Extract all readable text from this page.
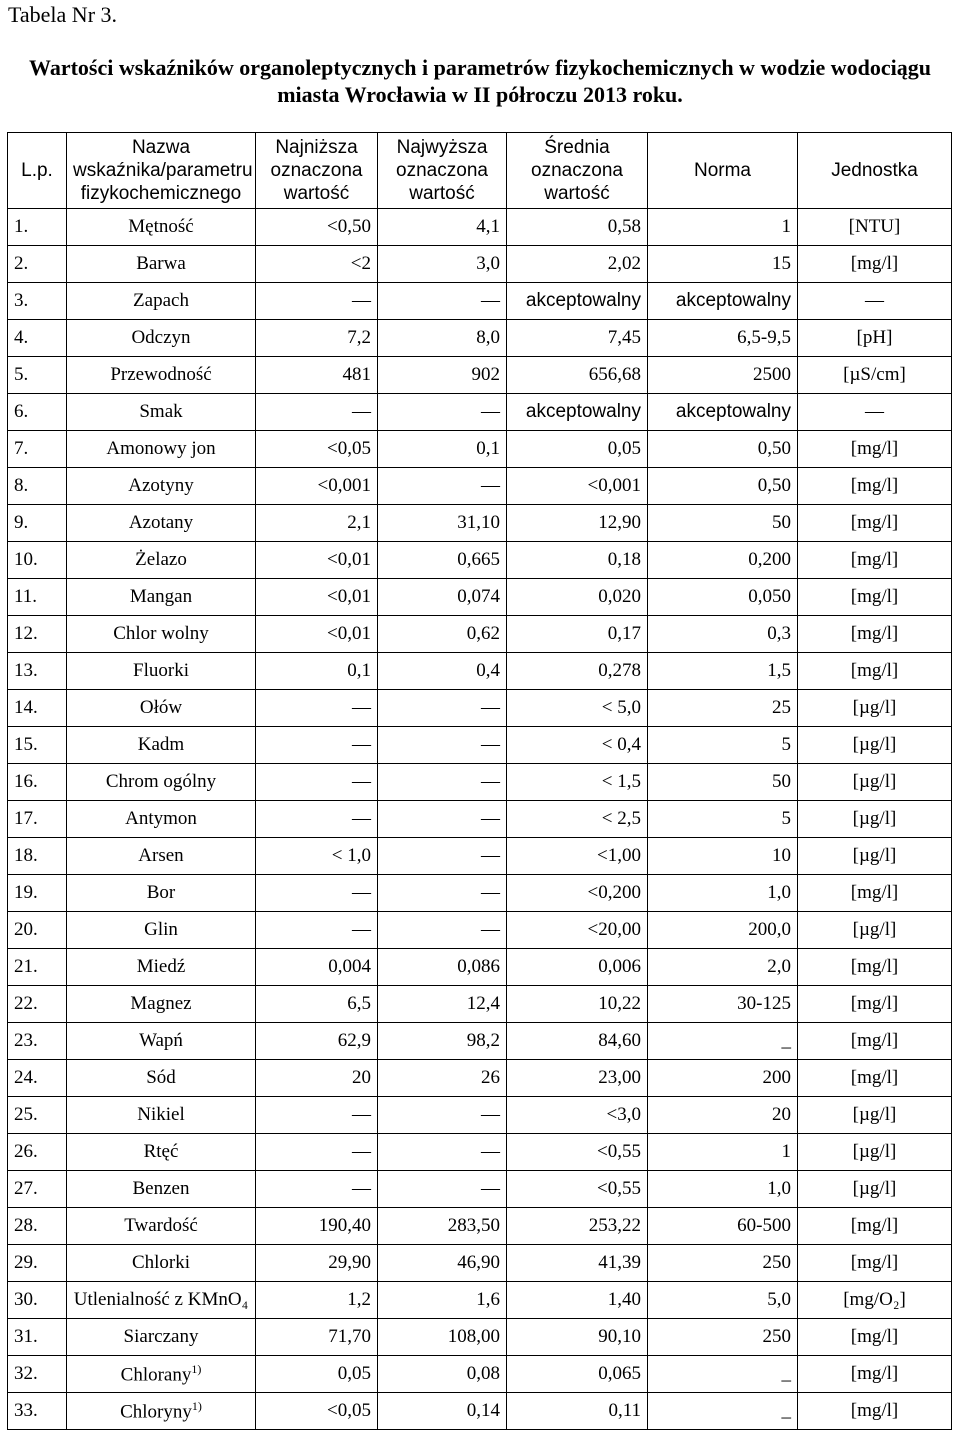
Tabela Nr 3.
Wartości wskaźników organoleptycznych i parametrów fizykochemicznych w wodzie wodociągu miasta Wrocławia w II półroczu 2013 roku.
L.p.	Nazwa wskaźnika/parametru fizykochemicznego	Najniższa oznaczona wartość	Najwyższa oznaczona wartość	Średnia oznaczona wartość	Norma	Jednostka
1.	Mętność	<0,50	4,1	0,58	1	[NTU]
2.	Barwa	<2	3,0	2,02	15	[mg/l]
3.	Zapach	—	—	akceptowalny	akceptowalny	—
4.	Odczyn	7,2	8,0	7,45	6,5-9,5	[pH]
5.	Przewodność	481	902	656,68	2500	[µS/cm]
6.	Smak	—	—	akceptowalny	akceptowalny	—
7.	Amonowy jon	<0,05	0,1	0,05	0,50	[mg/l]
8.	Azotyny	<0,001	—	<0,001	0,50	[mg/l]
9.	Azotany	2,1	31,10	12,90	50	[mg/l]
10.	Żelazo	<0,01	0,665	0,18	0,200	[mg/l]
11.	Mangan	<0,01	0,074	0,020	0,050	[mg/l]
12.	Chlor wolny	<0,01	0,62	0,17	0,3	[mg/l]
13.	Fluorki	0,1	0,4	0,278	1,5	[mg/l]
14.	Ołów	—	—	< 5,0	25	[µg/l]
15.	Kadm	—	—	< 0,4	5	[µg/l]
16.	Chrom ogólny	—	—	< 1,5	50	[µg/l]
17.	Antymon	—	—	< 2,5	5	[µg/l]
18.	Arsen	< 1,0	—	<1,00	10	[µg/l]
19.	Bor	—	—	<0,200	1,0	[mg/l]
20.	Glin	—	—	<20,00	200,0	[µg/l]
21.	Miedź	0,004	0,086	0,006	2,0	[mg/l]
22.	Magnez	6,5	12,4	10,22	30-125	[mg/l]
23.	Wapń	62,9	98,2	84,60	_	[mg/l]
24.	Sód	20	26	23,00	200	[mg/l]
25.	Nikiel	—	—	<3,0	20	[µg/l]
26.	Rtęć	—	—	<0,55	1	[µg/l]
27.	Benzen	—	—	<0,55	1,0	[µg/l]
28.	Twardość	190,40	283,50	253,22	60-500	[mg/l]
29.	Chlorki	29,90	46,90	41,39	250	[mg/l]
30.	Utlenialność z KMnO₄	1,2	1,6	1,40	5,0	[mg/O₂]
31.	Siarczany	71,70	108,00	90,10	250	[mg/l]
32.	Chlorany$^{1)}$	0,05	0,08	0,065	_	[mg/l]
33.	Chloryny$^{1)}$	<0,05	0,14	0,11	_	[mg/l]
